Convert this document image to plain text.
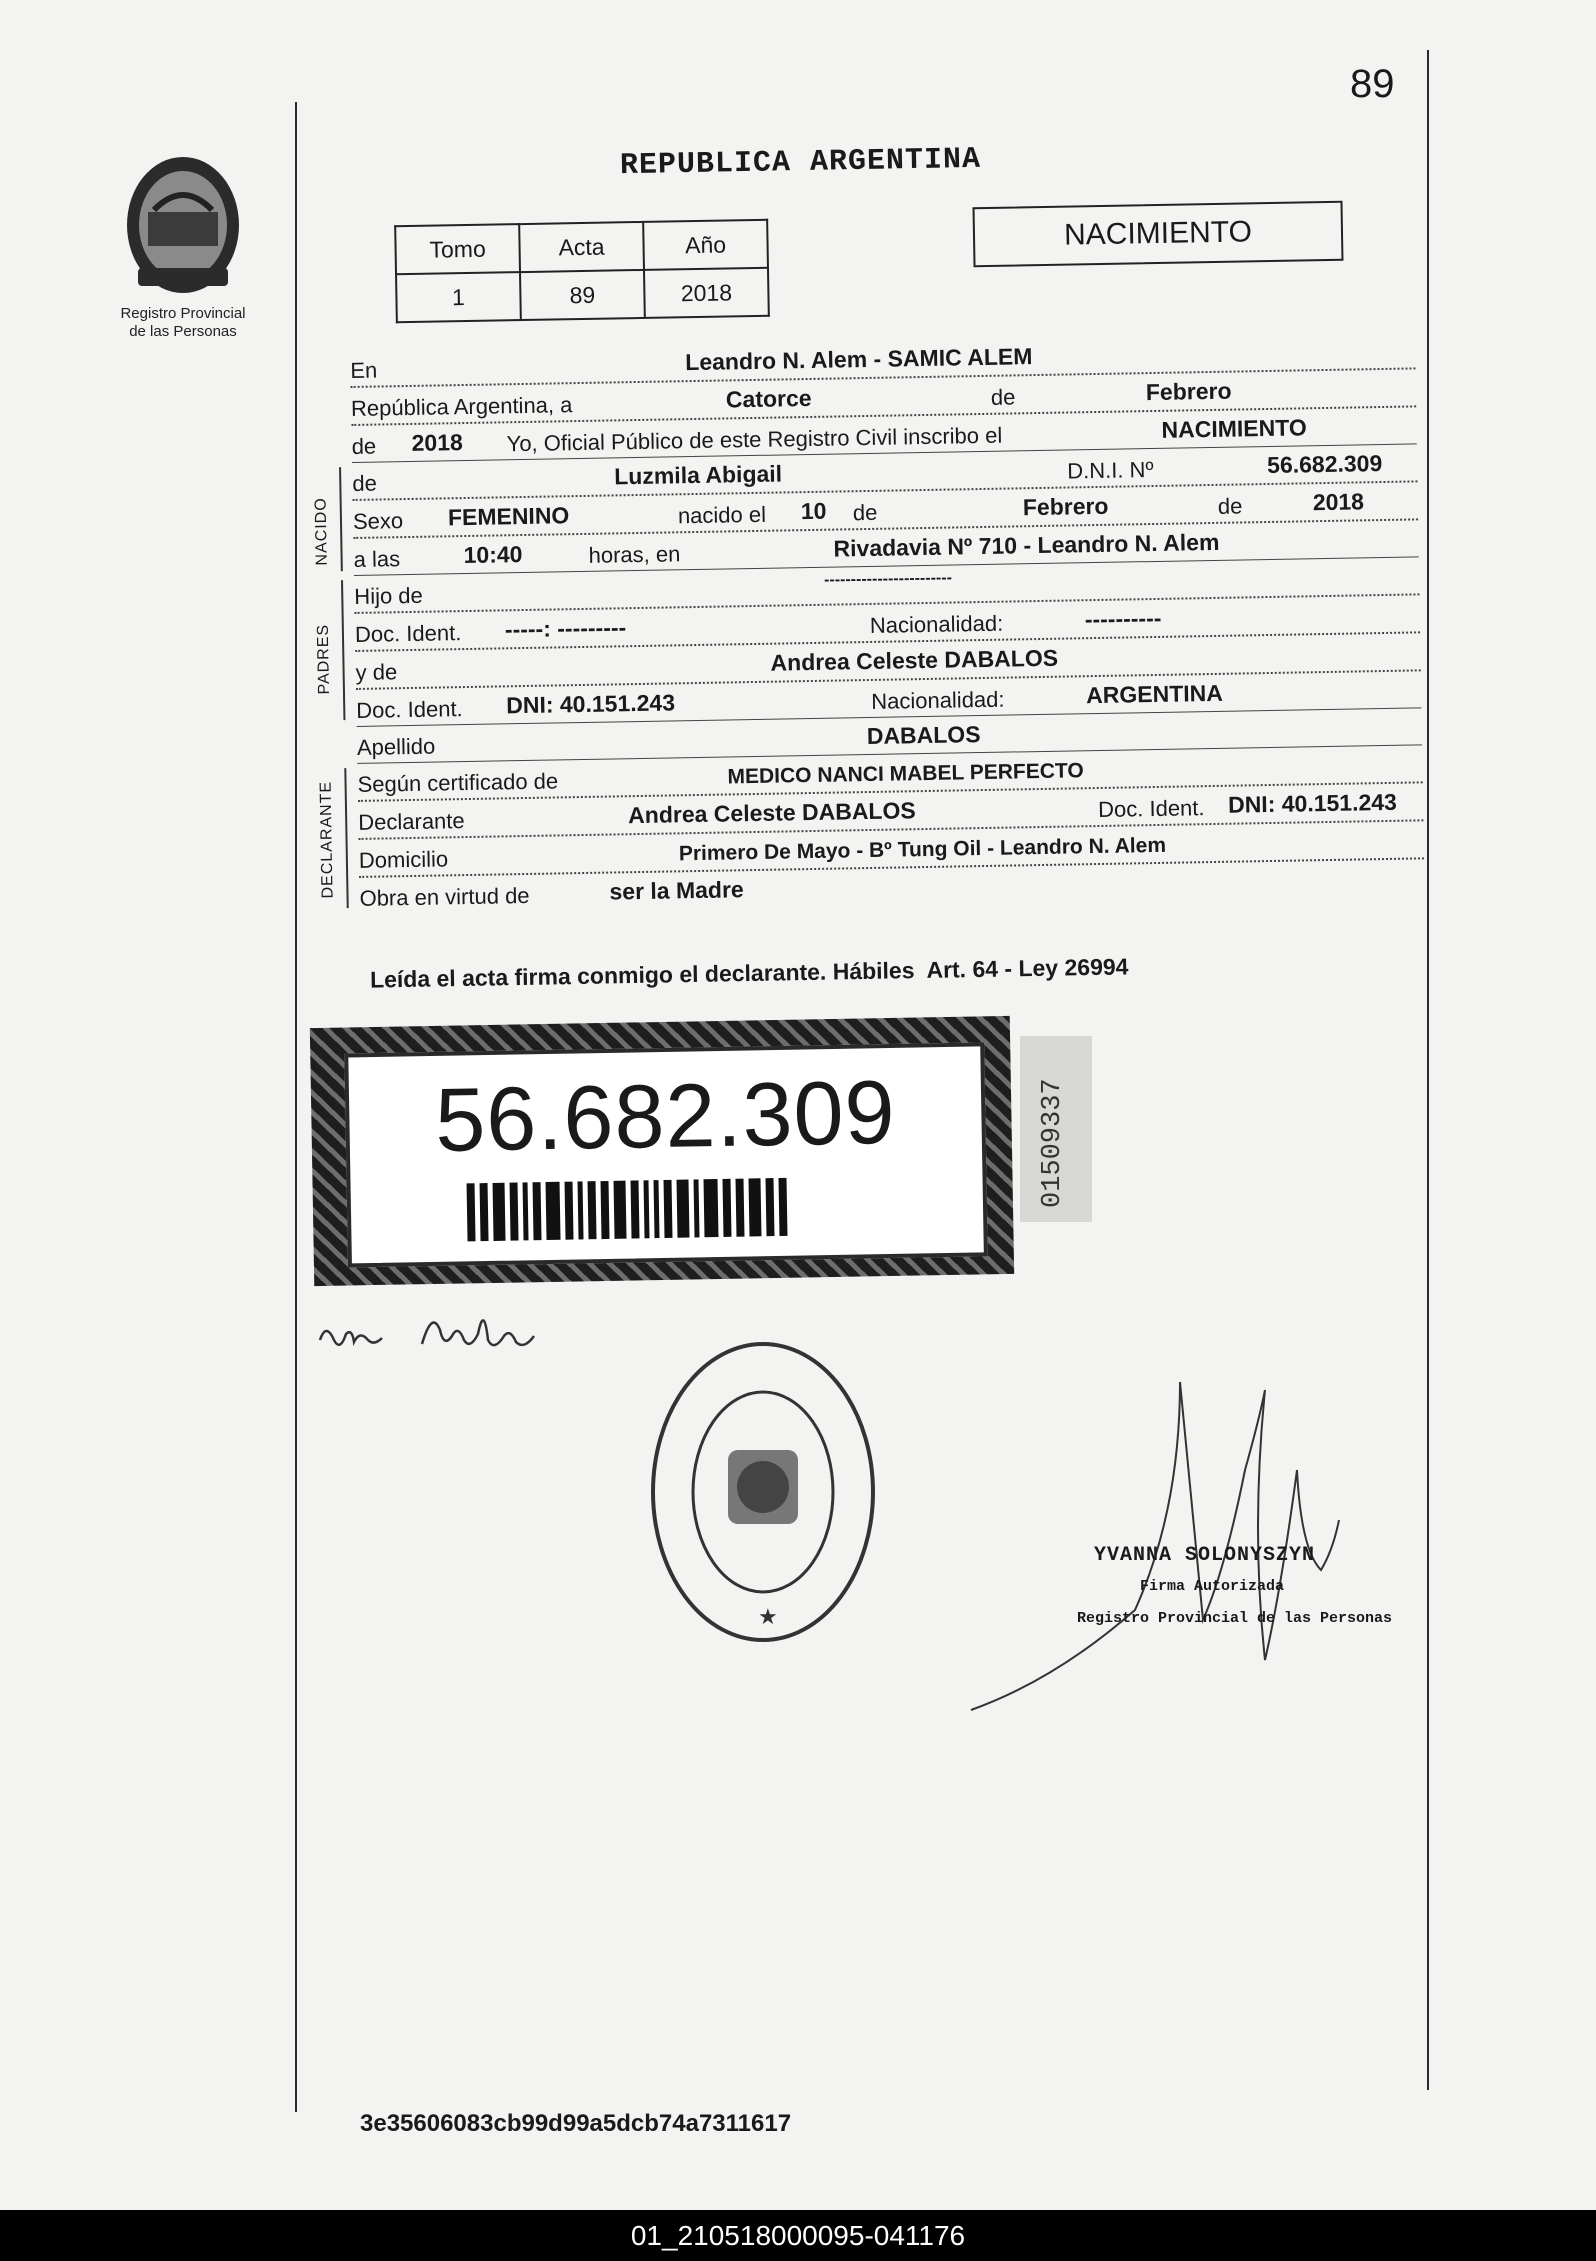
89
Registro Provincial
de las Personas
REPUBLICA ARGENTINA
Tomo	Acta	Año
1	89	2018
NACIMIENTO
En	Leandro N. Alem - SAMIC ALEM
República Argentina, a	Catorce	de	Febrero
de 2018 Yo, Oficial Público de este Registro Civil inscribo el	NACIMIENTO
NACIDO
de	Luzmila Abigail	D.N.I. Nº	56.682.309
Sexo FEMENINO	nacido el 10 de	Febrero	de	2018
a las	10:40	horas, en	Rivadavia Nº 710 - Leandro N. Alem
PADRES
Hijo de
------------------------
Doc. Ident. -----: ---------	Nacionalidad:	----------
y de	Andrea Celeste DABALOS
Doc. Ident. DNI: 40.151.243	Nacionalidad:	ARGENTINA
Apellido	DABALOS
DECLARANTE Según certificado de	MEDICO NANCI MABEL PERFECTO
Declarante	Andrea Celeste DABALOS	Doc. Ident. DNI: 40.151.243
Domicilio	Primero De Mayo - Bº Tung Oil - Leandro N. Alem
Obra en virtud de	ser la Madre
Leída el acta firma conmigo el declarante. Hábiles Art. 64 - Ley 26994
56.682.309	01509337
★
YVANNA SOLONYSZYN
Firma Autorizada
Registro Provincial de las Personas
3e35606083cb99d99a5dcb74a7311617
01_210518000095-041176
